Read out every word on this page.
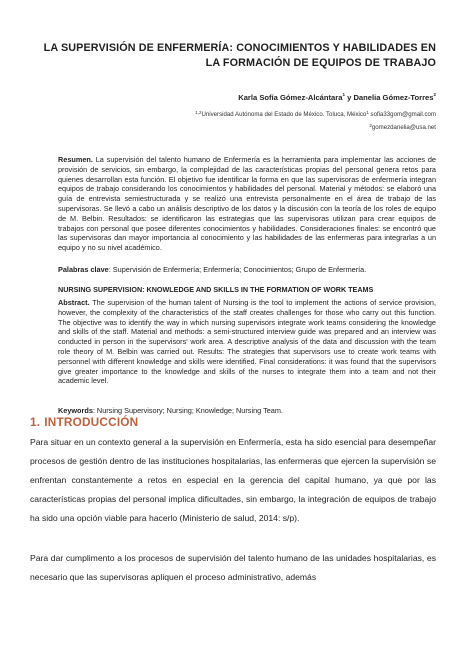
LA SUPERVISIÓN DE ENFERMERÍA: CONOCIMIENTOS Y HABILIDADES EN LA FORMACIÓN DE EQUIPOS DE TRABAJO
Karla Sofía Gómez-Alcántara$^1$ y Danelia Gómez-Torres$^2$
$^{1,2}$Universidad Autónoma del Estado de México. Toluca, México$^1$ sofia33gom@gmail.com
$^2$gomezdanelia@usa.net
Resumen. La supervisión del talento humano de Enfermería es la herramienta para implementar las acciones de provisión de servicios, sin embargo, la complejidad de las características propias del personal genera retos para quienes desarrollan esta función. El objetivo fue identificar la forma en que las supervisoras de enfermería integran equipos de trabajo considerando los conocimientos y habilidades del personal. Material y métodos: se elaboró una guía de entrevista semiestructurada y se realizó una entrevista personalmente en el área de trabajo de las supervisoras. Se llevó a cabo un análisis descriptivo de los datos y la discusión con la teoría de los roles de equipo de M. Belbin. Resultados: se identificaron las estrategias que las supervisoras utilizan para crear equipos de trabajos con personal que posee diferentes conocimientos y habilidades. Consideraciones finales: se encontró que las supervisoras dan mayor importancia al conocimiento y las habilidades de las enfermeras para integrarlas a un equipo y no su nivel académico.
Palabras clave: Supervisión de Enfermería; Enfermería; Conocimientos; Grupo de Enfermería.
NURSING SUPERVISION: KNOWLEDGE AND SKILLS IN THE FORMATION OF WORK TEAMS
Abstract. The supervision of the human talent of Nursing is the tool to implement the actions of service provision, however, the complexity of the characteristics of the staff creates challenges for those who carry out this function. The objective was to identify the way in which nursing supervisors integrate work teams considering the knowledge and skills of the staff. Material and methods: a semi-structured interview guide was prepared and an interview was conducted in person in the supervisors' work area. A descriptive analysis of the data and discussion with the team role theory of M. Belbin was carried out. Results: The strategies that supervisors use to create work teams with personnel with different knowledge and skills were identified. Final considerations: it was found that the supervisors give greater importance to the knowledge and skills of the nurses to integrate them into a team and not their academic level.
Keywords: Nursing Supervisory; Nursing; Knowledge; Nursing Team.
1. INTRODUCCIÓN
Para situar en un contexto general a la supervisión en Enfermería, esta ha sido esencial para desempeñar procesos de gestión dentro de las instituciones hospitalarias, las enfermeras que ejercen la supervisión se enfrentan constantemente a retos en especial en la gerencia del capital humano, ya que por las características propias del personal implica dificultades, sin embargo, la integración de equipos de trabajo ha sido una opción viable para hacerlo (Ministerio de salud, 2014: s/p).
Para dar cumplimento a los procesos de supervisión del talento humano de las unidades hospitalarias, es necesario que las supervisoras apliquen el proceso administrativo, además
